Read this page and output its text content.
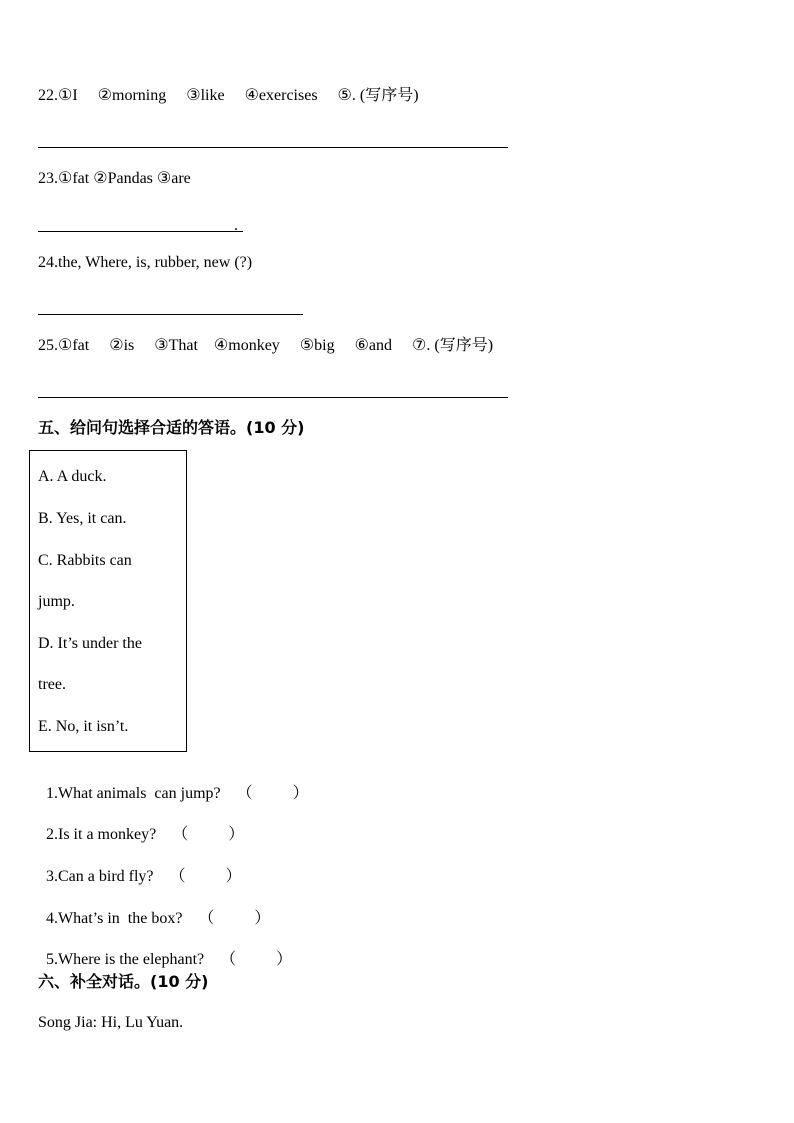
22.①I     ②morning     ③like     ④exercises     ⑤. (写序号)
23.①fat ②Pandas ③are
.
24.the, Where, is, rubber, new (?)
25.①fat     ②is     ③That    ④monkey     ⑤big     ⑥and     ⑦. (写序号)
五、给问句选择合适的答语。(10 分)
A. A duck.
B. Yes, it can.
C. Rabbits can
jump.
D. It’s under the
tree.
E. No, it isn’t.

1.What animals  can jump? （          ）

2.Is it a monkey? （          ）

3.Can a bird fly? （          ）

4.What’s in  the box? （          ）

5.Where is the elephant? （          ）

六、补全对话。(10 分)
Song Jia: Hi, Lu Yuan.
